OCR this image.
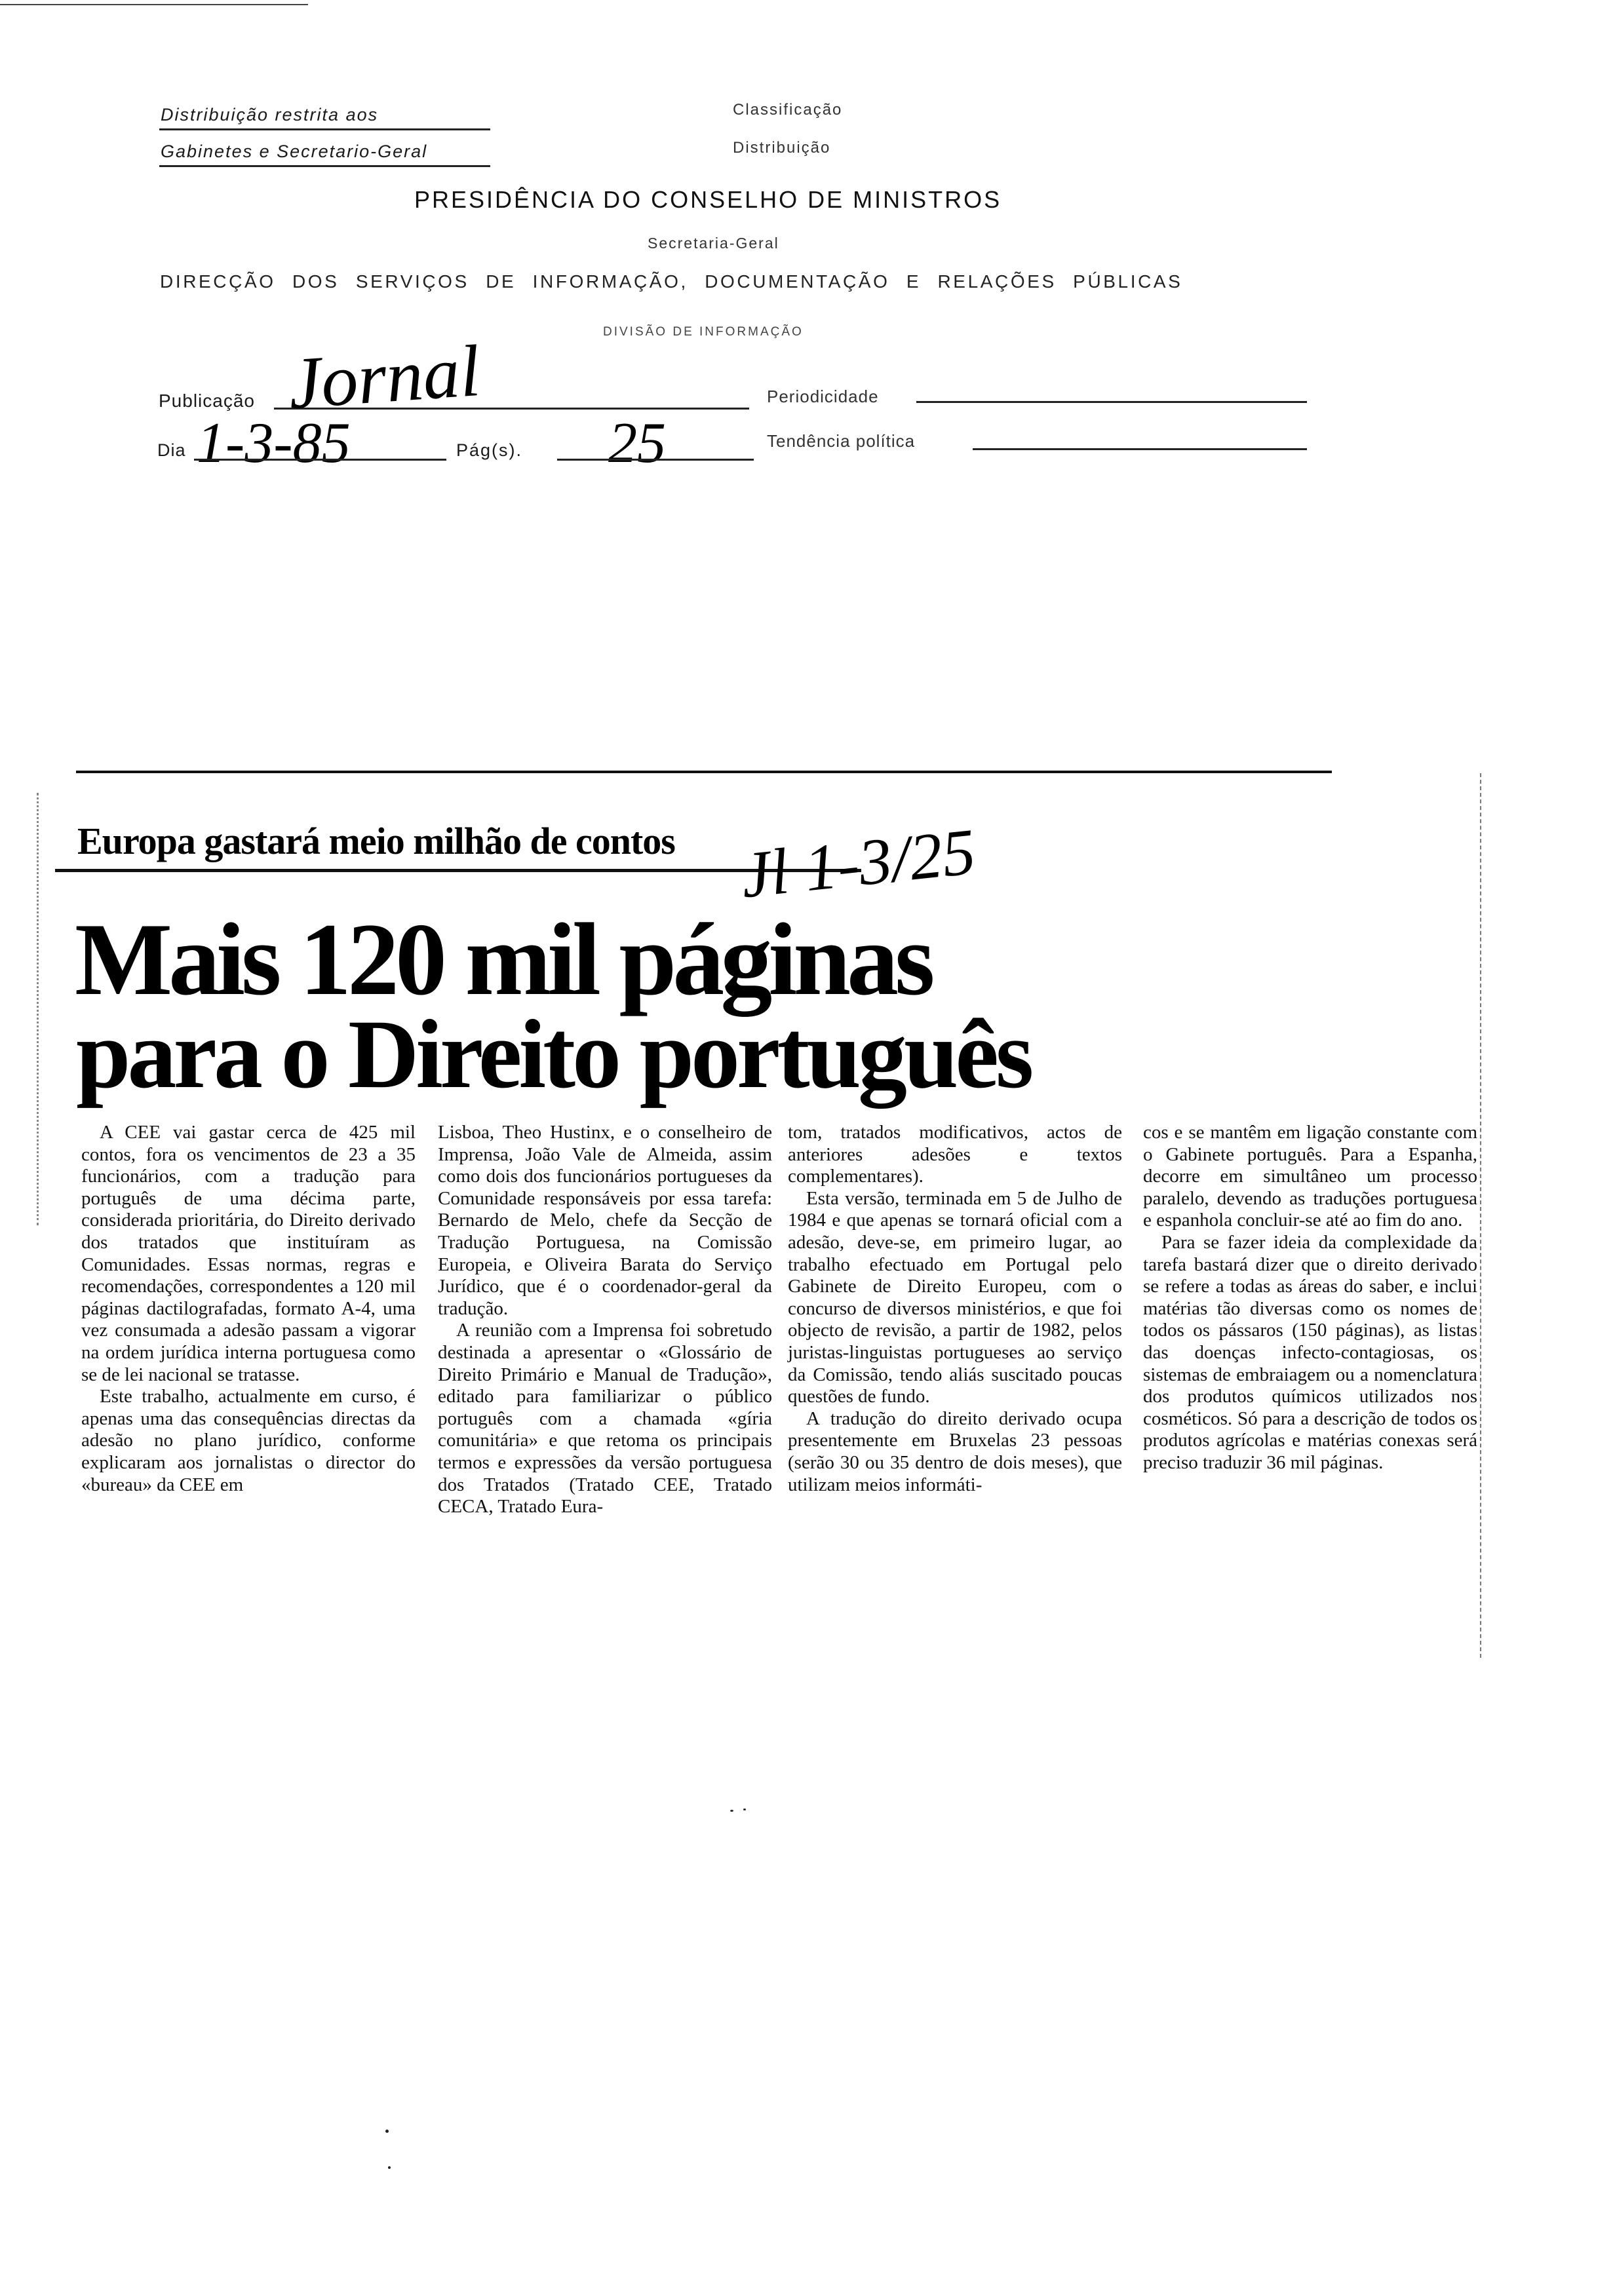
Distribuição restrita aos
Gabinetes e Secretario-Geral
Classificação
Distribuição
PRESIDÊNCIA DO CONSELHO DE MINISTROS
Secretaria-Geral
DIRECÇÃO DOS SERVIÇOS DE INFORMAÇÃO, DOCUMENTAÇÃO E RELAÇÕES PÚBLICAS
DIVISÃO DE INFORMAÇÃO
Publicação Jornal	Periodicidade
Dia 1-3-85	Pág(s). 25	Tendência política
Europa gastará meio milhão de contos Jl 1-3/25
Mais 120 mil páginas
para o Direito português

A CEE vai gastar cerca de 425 mil contos, fora os vencimentos de 23 a 35 funcionários, com a tradução para português de uma décima parte, considerada prioritária, do Direito derivado dos tratados que instituíram as Comunidades. Essas normas, regras e recomendações, correspondentes a 120 mil páginas dactilografadas, formato A-4, uma vez consumada a adesão passam a vigorar na ordem jurídica interna portuguesa como se de lei nacional se tratasse.

Este trabalho, actualmente em curso, é apenas uma das consequências directas da adesão no plano jurídico, conforme explicaram aos jornalistas o director do «bureau» da CEE em

Lisboa, Theo Hustinx, e o conselheiro de Imprensa, João Vale de Almeida, assim como dois dos funcionários portugueses da Comunidade responsáveis por essa tarefa: Bernardo de Melo, chefe da Secção de Tradução Portuguesa, na Comissão Europeia, e Oliveira Barata do Serviço Jurídico, que é o coordenador-geral da tradução.

A reunião com a Imprensa foi sobretudo destinada a apresentar o «Glossário de Direito Primário e Manual de Tradução», editado para familiarizar o público português com a chamada «gíria comunitária» e que retoma os principais termos e expressões da versão portuguesa dos Tratados (Tratado CEE, Tratado CECA, Tratado Eura-

tom, tratados modificativos, actos de anteriores adesões e textos complementares).

Esta versão, terminada em 5 de Julho de 1984 e que apenas se tornará oficial com a adesão, deve-se, em primeiro lugar, ao trabalho efectuado em Portugal pelo Gabinete de Direito Europeu, com o concurso de diversos ministérios, e que foi objecto de revisão, a partir de 1982, pelos juristas-linguistas portugueses ao serviço da Comissão, tendo aliás suscitado poucas questões de fundo.

A tradução do direito derivado ocupa presentemente em Bruxelas 23 pessoas (serão 30 ou 35 dentro de dois meses), que utilizam meios informáti-

cos e se mantêm em ligação constante com o Gabinete português. Para a Espanha, decorre em simultâneo um processo paralelo, devendo as traduções portuguesa e espanhola concluir-se até ao fim do ano.

Para se fazer ideia da complexidade da tarefa bastará dizer que o direito derivado se refere a todas as áreas do saber, e inclui matérias tão diversas como os nomes de todos os pássaros (150 páginas), as listas das doenças infecto-contagiosas, os sistemas de embraiagem ou a nomenclatura dos produtos químicos utilizados nos cosméticos. Só para a descrição de todos os produtos agrícolas e matérias conexas será preciso traduzir 36 mil páginas.
